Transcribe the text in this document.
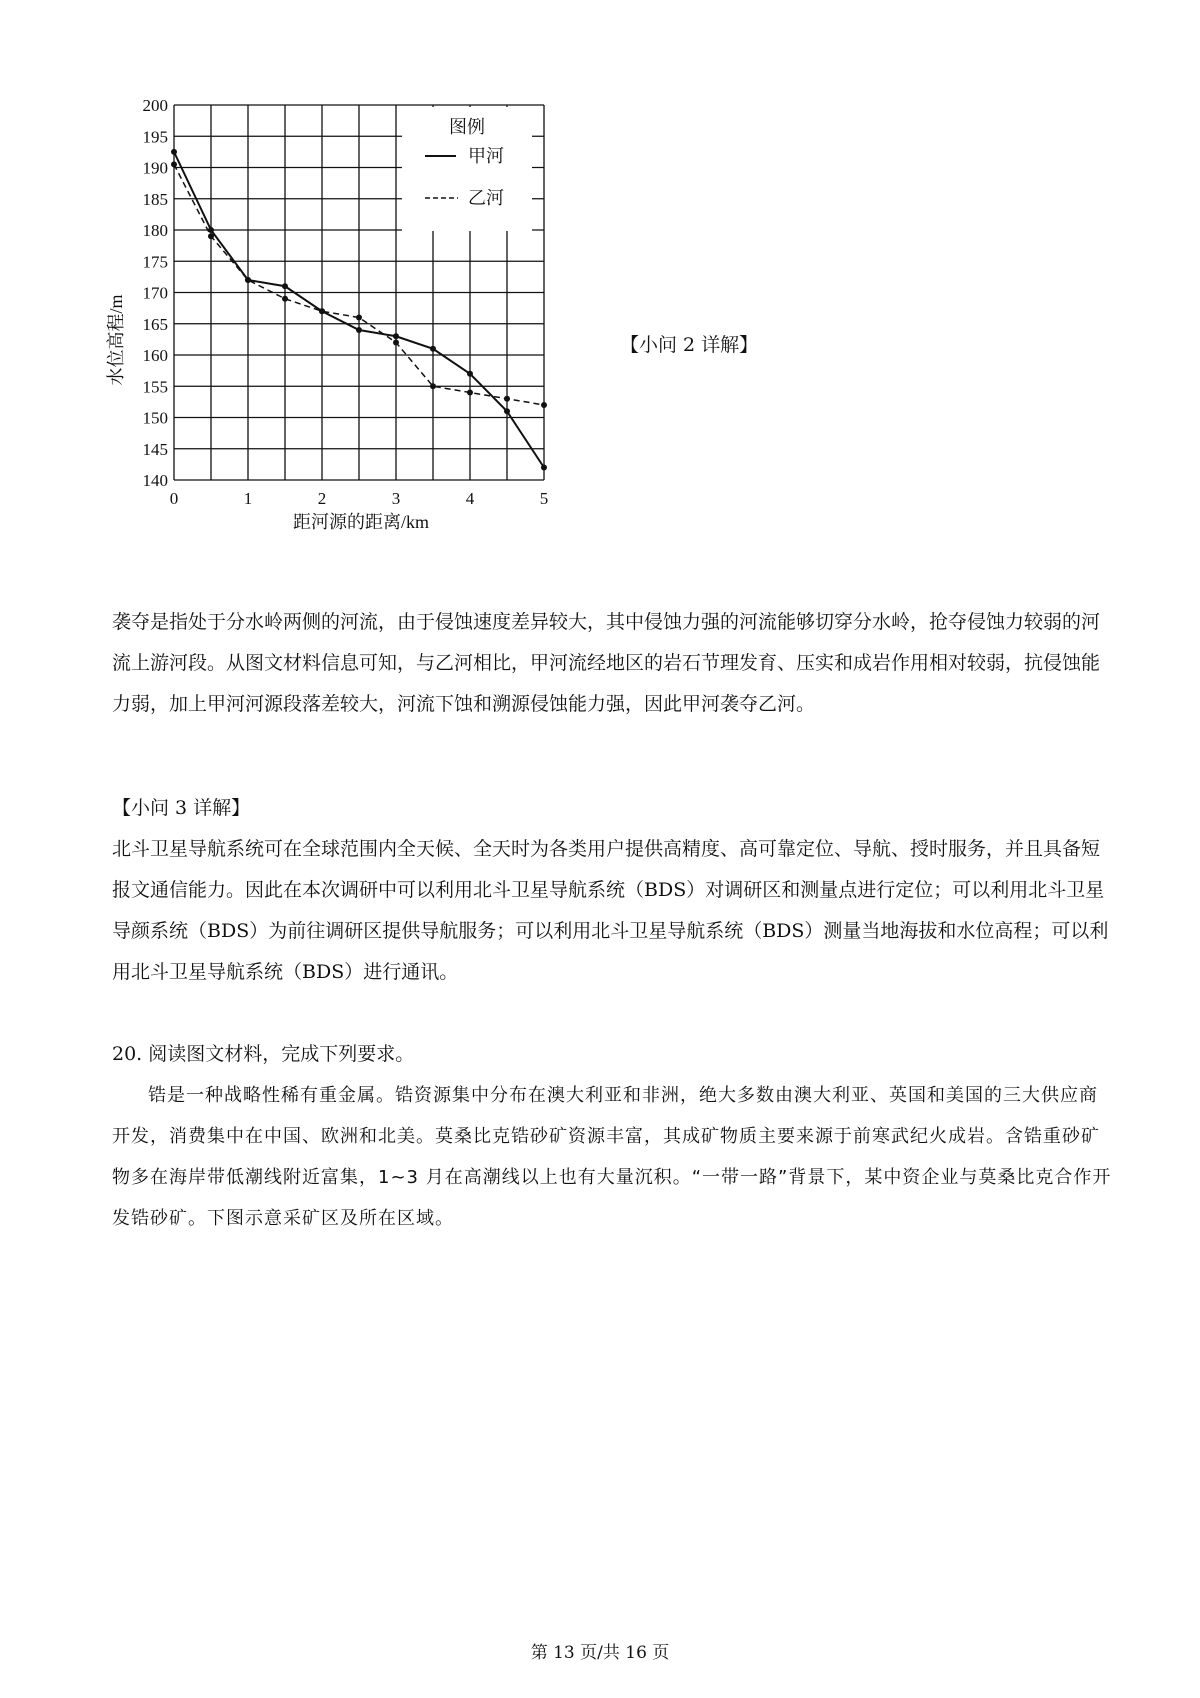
140
145
150
155
160
165
170
175
180
185
190
195
200
0	1	2	3	4	5
水位高程/m
距河源的距离/km
图例
甲河
乙河
【小问 2 详解】

袭夺是指处于分水岭两侧的河流，由于侵蚀速度差异较大，其中侵蚀力强的河流能够切穿分水岭，抢夺侵蚀力较弱的河流上游河段。从图文材料信息可知，与乙河相比，甲河流经地区的岩石节理发育、压实和成岩作用相对较弱，抗侵蚀能力弱，加上甲河河源段落差较大，河流下蚀和溯源侵蚀能力强，因此甲河袭夺乙河。

【小问 3 详解】

北斗卫星导航系统可在全球范围内全天候、全天时为各类用户提供高精度、高可靠定位、导航、授时服务，并且具备短报文通信能力。因此在本次调研中可以利用北斗卫星导航系统（BDS）对调研区和测量点进行定位；可以利用北斗卫星导颜系统（BDS）为前往调研区提供导航服务；可以利用北斗卫星导航系统（BDS）测量当地海拔和水位高程；可以利用北斗卫星导航系统（BDS）进行通讯。

20. 阅读图文材料，完成下列要求。

锆是一种战略性稀有重金属。锆资源集中分布在澳大利亚和非洲，绝大多数由澳大利亚、英国和美国的三大供应商开发，消费集中在中国、欧洲和北美。莫桑比克锆砂矿资源丰富，其成矿物质主要来源于前寒武纪火成岩。含锆重砂矿物多在海岸带低潮线附近富集，1~3 月在高潮线以上也有大量沉积。“一带一路”背景下，某中资企业与莫桑比克合作开发锆砂矿。下图示意采矿区及所在区域。

第 13 页/共 16 页
